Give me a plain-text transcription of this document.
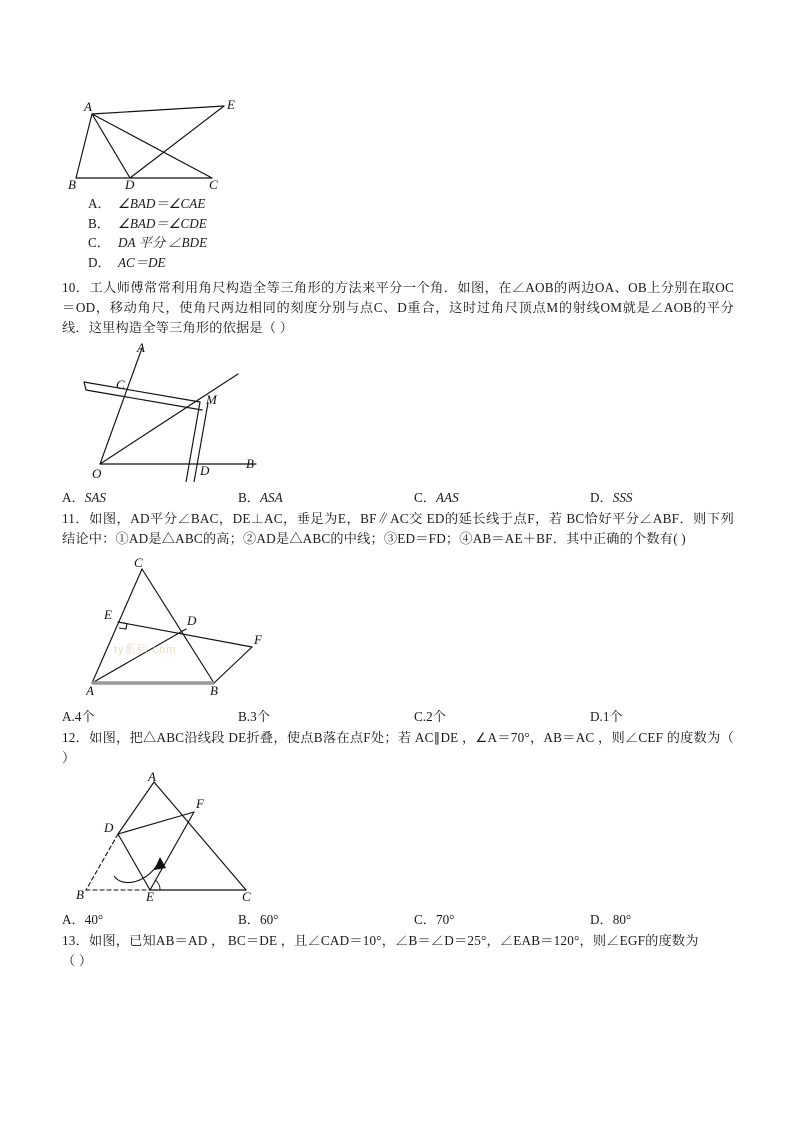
A
B	D	C
E
A． ∠BAD＝∠CAE
B． ∠BAD＝∠CDE
C． DA 平分 ∠BDE
D． AC＝DE
10．工人师傅常常利用角尺构造全等三角形的方法来平分一个角．如图，在∠AOB的两边OA、OB上分别在取OC＝OD，移动角尺，使角尺两边相同的刻度分别与点C、D重合，这时过角尺顶点M的射线OM就是∠AOB的平分线．这里构造全等三角形的依据是（ ）
A
C
M
D	B
O
A．SAS	B．ASA	C．AAS	D．SSS
11．如图，AD平分∠BAC，DE⊥AC，垂足为E，BF∥AC交 ED的延长线于点F，若 BC恰好平分∠ABF．则下列结论中：①AD是△ABC的高；②AD是△ABC的中线；③ED＝FD；④AB＝AE＋BF．其中正确的个数有( )
ty系列 com
C
E	D
F
A	B
A.4个	B.3个	C.2个	D.1个
12．如图，把△ABC沿线段 DE折叠，使点B落在点F处；若 AC∥DE ，∠A＝70°，AB＝AC ，则∠CEF 的度数为（ ）
A
F
D
B	E	C
A．40°	B．60°	C．70°	D．80°
13．如图，已知AB＝AD ， BC＝DE ，且∠CAD＝10°，∠B＝∠D＝25°，∠EAB＝120°，则∠EGF的度数为
（ ）
